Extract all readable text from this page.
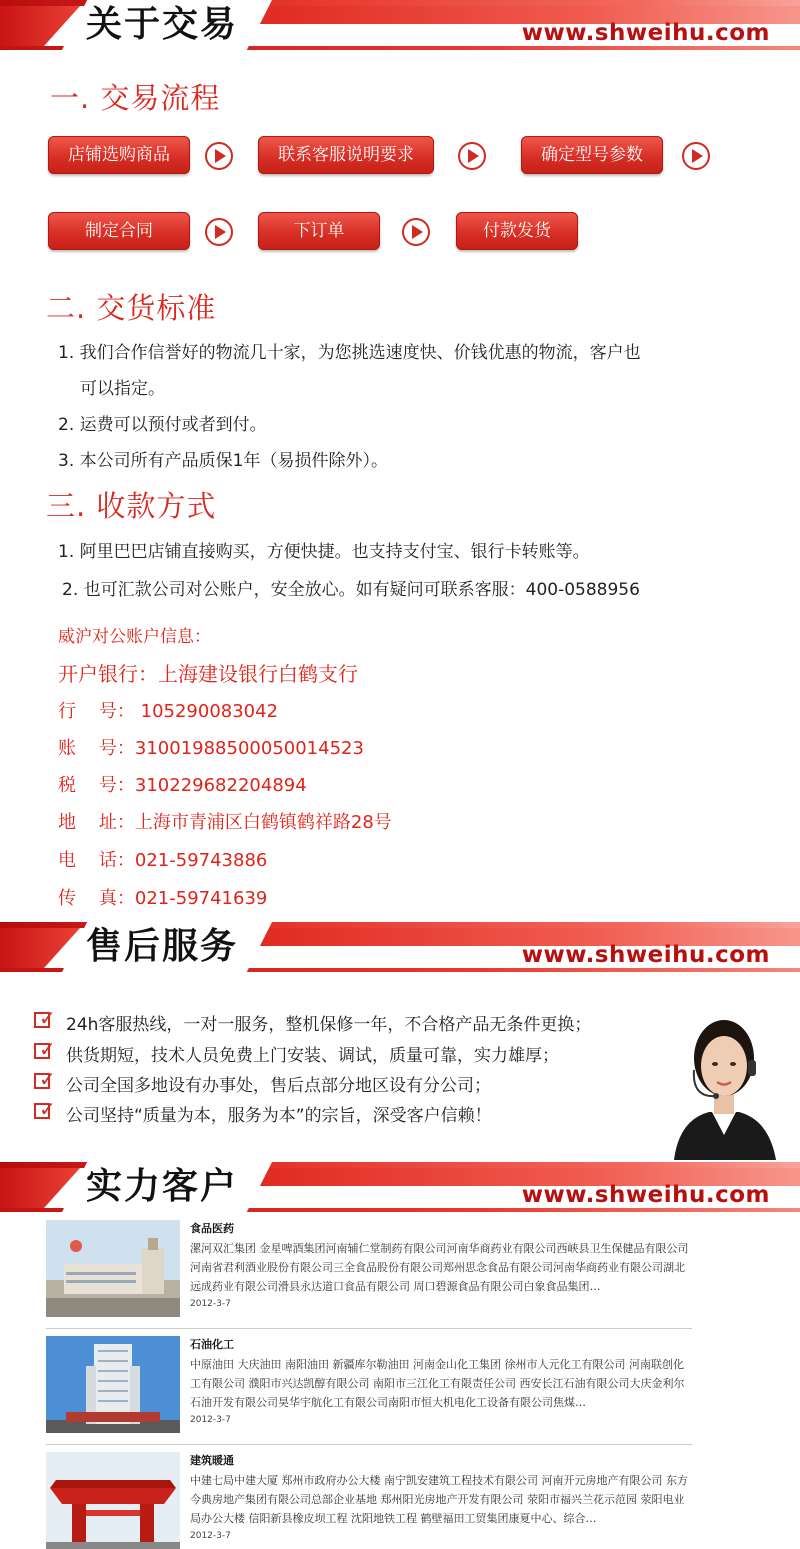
关于交易	www.shweihu.com
一. 交易流程
店铺选购商品	联系客服说明要求	确定型号参数
制定合同	下订单	付款发货
二. 交货标准
1. 我们合作信誉好的物流几十家，为您挑选速度快、价钱优惠的物流，客户也
可以指定。
2. 运费可以预付或者到付。
3. 本公司所有产品质保1年（易损件除外）。
三. 收款方式
1. 阿里巴巴店铺直接购买，方便快捷。也支持支付宝、银行卡转账等。
2. 也可汇款公司对公账户，安全放心。如有疑问可联系客服：400-0588956
威沪对公账户信息：
开户银行：上海建设银行白鹤支行
行    号： 105290083042
账    号：31001988500050014523
税    号：310229682204894
地    址：上海市青浦区白鹤镇鹤祥路28号
电    话：021-59743886
传    真：021-59741639
售后服务	www.shweihu.com
✓ 24h客服热线，一对一服务，整机保修一年，不合格产品无条件更换；
✓ 供货期短，技术人员免费上门安装、调试，质量可靠，实力雄厚；
✓ 公司全国多地设有办事处，售后点部分地区设有分公司；
✓ 公司坚持“质量为本，服务为本”的宗旨，深受客户信赖！
实力客户	www.shweihu.com
食品医药
漯河双汇集团 金星啤酒集团河南辅仁堂制药有限公司河南华商药业有限公司西峡县卫生保健品有限公司河南省君利酒业股份有限公司三全食品股份有限公司郑州思念食品有限公司河南华商药业有限公司湖北远成药业有限公司滑县永达道口食品有限公司 周口碧源食品有限公司白象食品集团…
2012-3-7
石油化工
中原油田 大庆油田 南阳油田 新疆库尔勒油田 河南金山化工集团 徐州市人元化工有限公司 河南联创化工有限公司 濮阳市兴达凯醇有限公司 南阳市三江化工有限责任公司 西安长江石油有限公司大庆金利尔石油开发有限公司昊华宇航化工有限公司南阳市恒大机电化工设备有限公司焦煤…
2012-3-7
建筑暖通
中建七局中建大厦 郑州市政府办公大楼 南宁凯安建筑工程技术有限公司 河南开元房地产有限公司 东方今典房地产集团有限公司总部企业基地 郑州阳光房地产开发有限公司 荥阳市福兴兰花示范园 荥阳电业局办公大楼 信阳新县橡皮坝工程 沈阳地铁工程 鹤壁福田工贸集团康夏中心、综合…
2012-3-7
